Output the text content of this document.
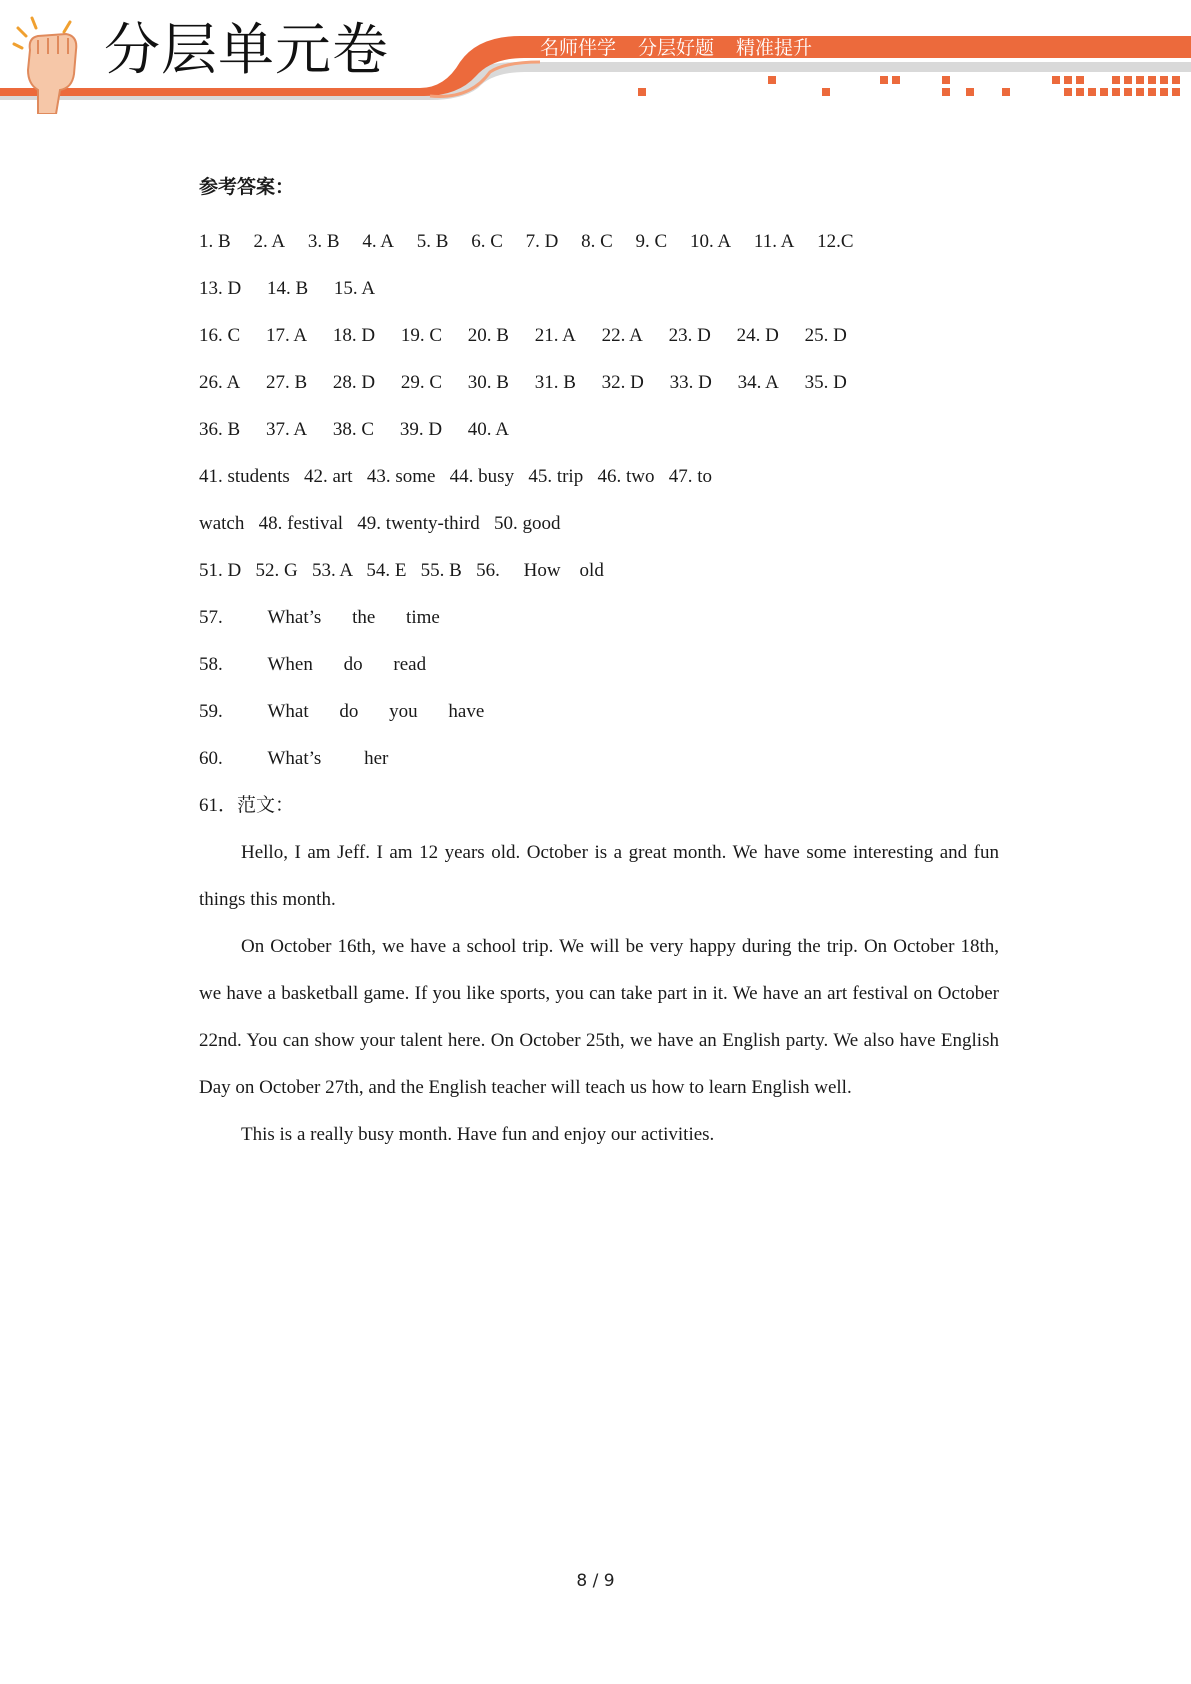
分层单元卷	名师伴学 分层好题 精准提升
参考答案：
1. B 2. A 3. B 4. A 5. B 6. C 7. D 8. C 9. C 10. A 11. A 12.C
13. D 14. B 15. A
16. C 17. A 18. D 19. C 20. B 21. A 22. A 23. D 24. D 25. D
26. A 27. B 28. D 29. C 30. B 31. B 32. D 33. D 34. A 35. D
36. B 37. A 38. C 39. D 40. A
41. students   42. art   43. some   44. busy   45. trip   46. two   47. to
watch   48. festival   49. twenty-third   50. good
51. D   52. G   53. A   54. E   55. B   56.     How    old
57. What’s the time
58. When do read
59. What do you have
60. What’s her
61．范文：

Hello, I am Jeff. I am 12 years old. October is a great month. We have some interesting and fun things this month.

On October 16th, we have a school trip. We will be very happy during the trip. On October 18th, we have a basketball game. If you like sports, you can take part in it. We have an art festival on October 22nd. You can show your talent here. On October 25th, we have an English party. We also have English Day on October 27th, and the English teacher will teach us how to learn English well.

This is a really busy month. Have fun and enjoy our activities.

8 / 9
